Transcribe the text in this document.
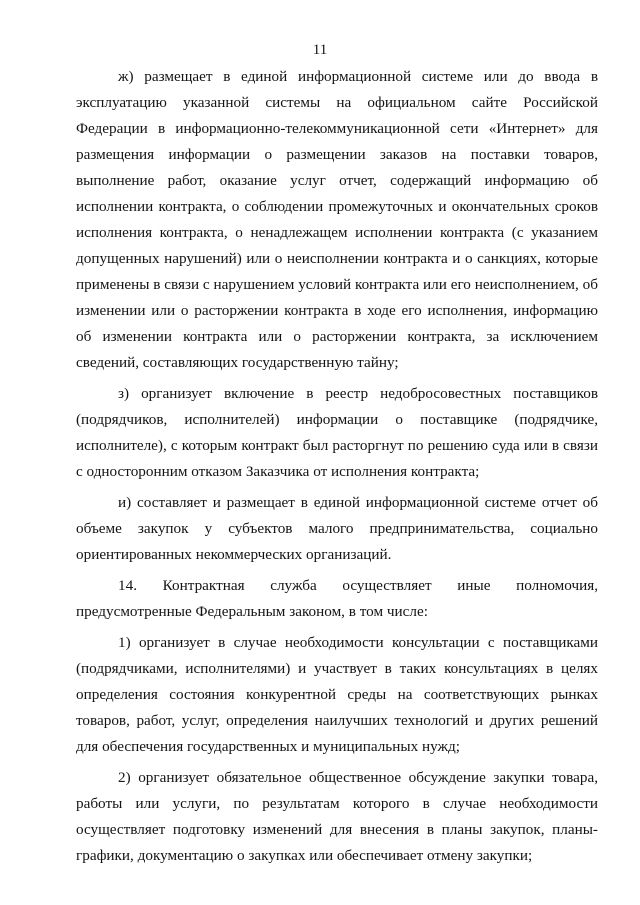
11

ж) размещает в единой информационной системе или до ввода в эксплуатацию указанной системы на официальном сайте Российской Федерации в информационно-телекоммуникационной сети «Интернет» для размещения информации о размещении заказов на поставки товаров, выполнение работ, оказание услуг отчет, содержащий информацию об исполнении контракта, о соблюдении промежуточных и окончательных сроков исполнения контракта, о ненадлежащем исполнении контракта (с указанием допущенных нарушений) или о неисполнении контракта и о санкциях, которые применены в связи с нарушением условий контракта или его неисполнением, об изменении или о расторжении контракта в ходе его исполнения, информацию об изменении контракта или о расторжении контракта, за исключением сведений, составляющих государственную тайну;

з) организует включение в реестр недобросовестных поставщиков (подрядчиков, исполнителей) информации о поставщике (подрядчике, исполнителе), с которым контракт был расторгнут по решению суда или в связи с односторонним отказом Заказчика от исполнения контракта;

и) составляет и размещает в единой информационной системе отчет об объеме закупок у субъектов малого предпринимательства, социально ориентированных некоммерческих организаций.

14. Контрактная служба осуществляет иные полномочия, предусмотренные Федеральным законом, в том числе:

1) организует в случае необходимости консультации с поставщиками (подрядчиками, исполнителями) и участвует в таких консультациях в целях определения состояния конкурентной среды на соответствующих рынках товаров, работ, услуг, определения наилучших технологий и других решений для обеспечения государственных и муниципальных нужд;

2) организует обязательное общественное обсуждение закупки товара, работы или услуги, по результатам которого в случае необходимости осуществляет подготовку изменений для внесения в планы закупок, планы-графики, документацию о закупках или обеспечивает отмену закупки;
